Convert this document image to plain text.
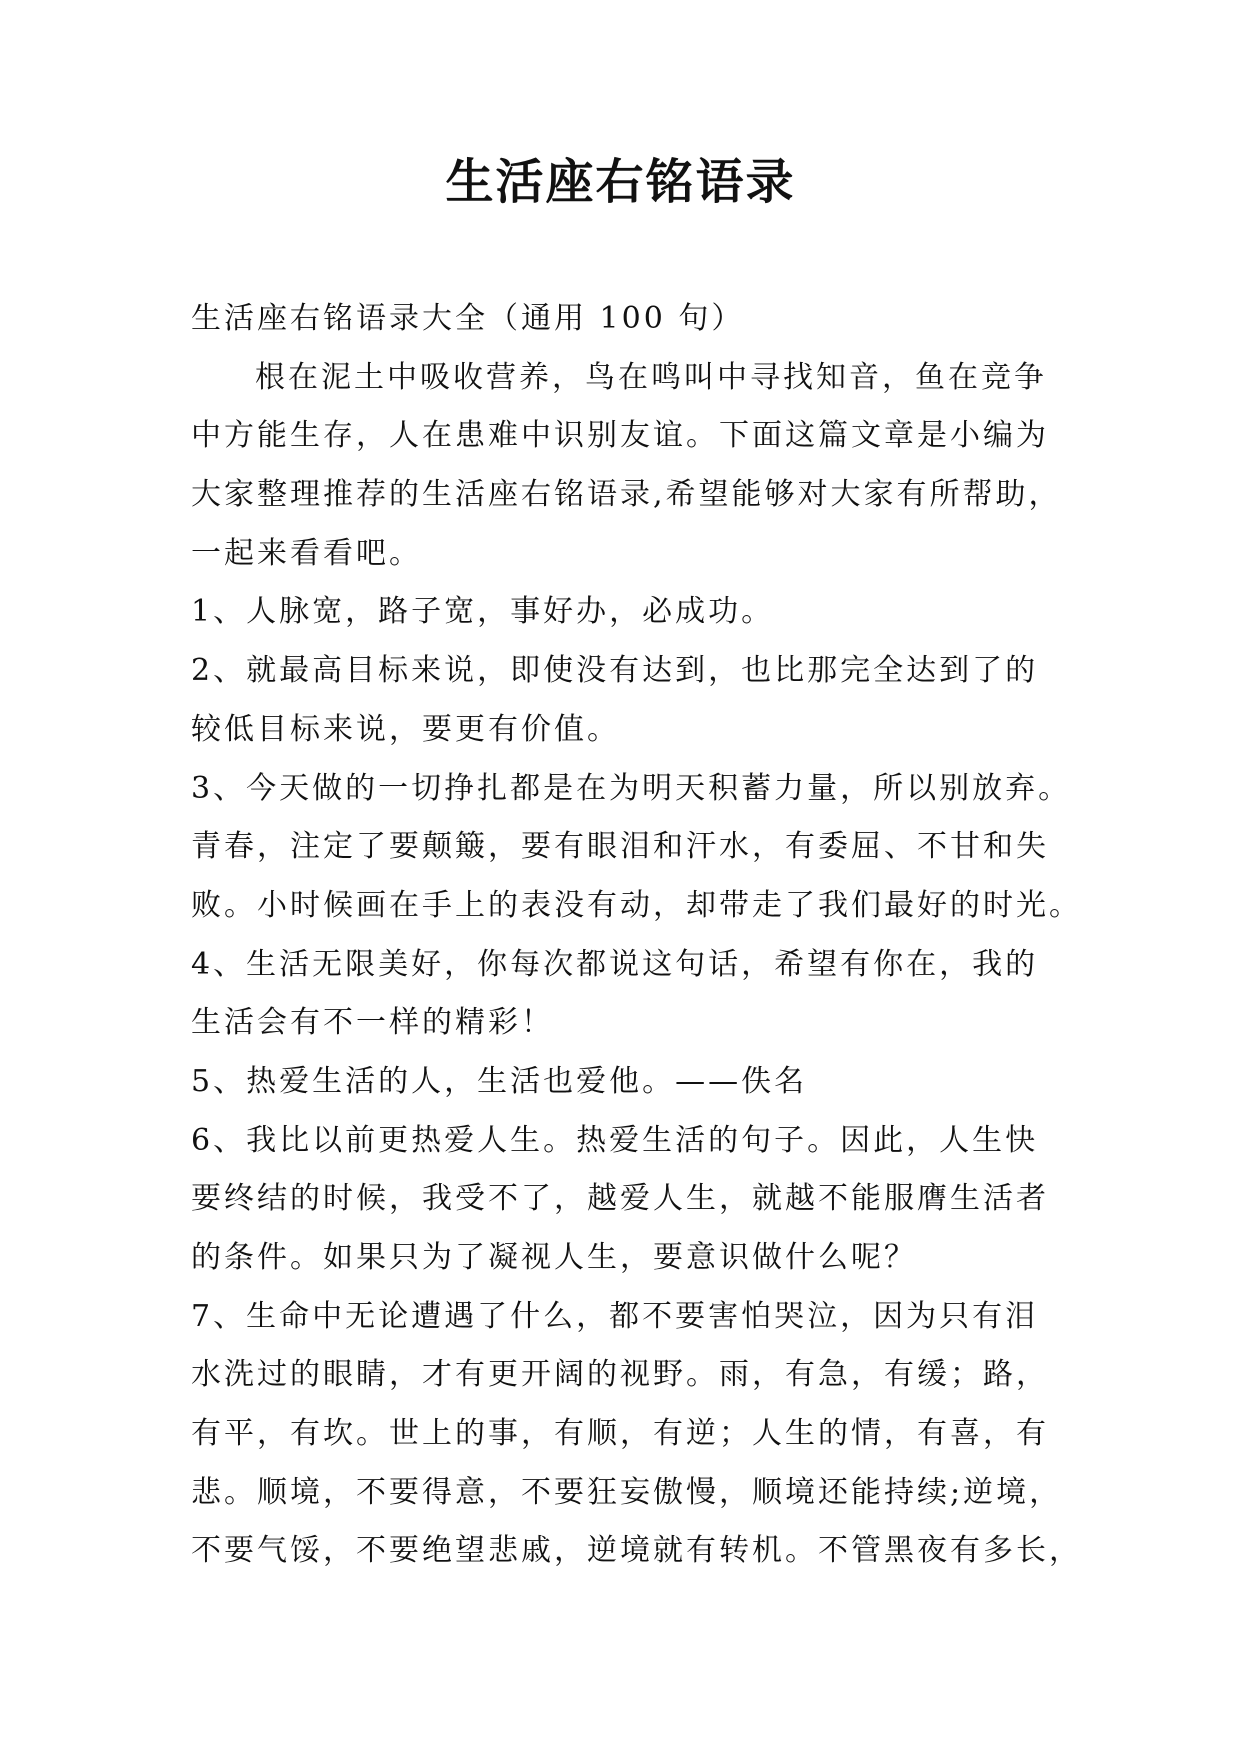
生活座右铭语录
生活座右铭语录大全（通用 100 句）
根在泥土中吸收营养，鸟在鸣叫中寻找知音，鱼在竞争
中方能生存，人在患难中识别友谊。下面这篇文章是小编为
大家整理推荐的生活座右铭语录,希望能够对大家有所帮助，
一起来看看吧。
1、人脉宽，路子宽，事好办，必成功。
2、就最高目标来说，即使没有达到，也比那完全达到了的
较低目标来说，要更有价值。
3、今天做的一切挣扎都是在为明天积蓄力量，所以别放弃。
青春，注定了要颠簸，要有眼泪和汗水，有委屈、不甘和失
败。小时候画在手上的表没有动，却带走了我们最好的时光。
4、生活无限美好，你每次都说这句话，希望有你在，我的
生活会有不一样的精彩！
5、热爱生活的人，生活也爱他。——佚名
6、我比以前更热爱人生。热爱生活的句子。因此，人生快
要终结的时候，我受不了，越爱人生，就越不能服膺生活者
的条件。如果只为了凝视人生，要意识做什么呢？
7、生命中无论遭遇了什么，都不要害怕哭泣，因为只有泪
水洗过的眼睛，才有更开阔的视野。雨，有急，有缓；路，
有平，有坎。世上的事，有顺，有逆；人生的情，有喜，有
悲。顺境，不要得意，不要狂妄傲慢，顺境还能持续;逆境，
不要气馁，不要绝望悲戚，逆境就有转机。不管黑夜有多长，
